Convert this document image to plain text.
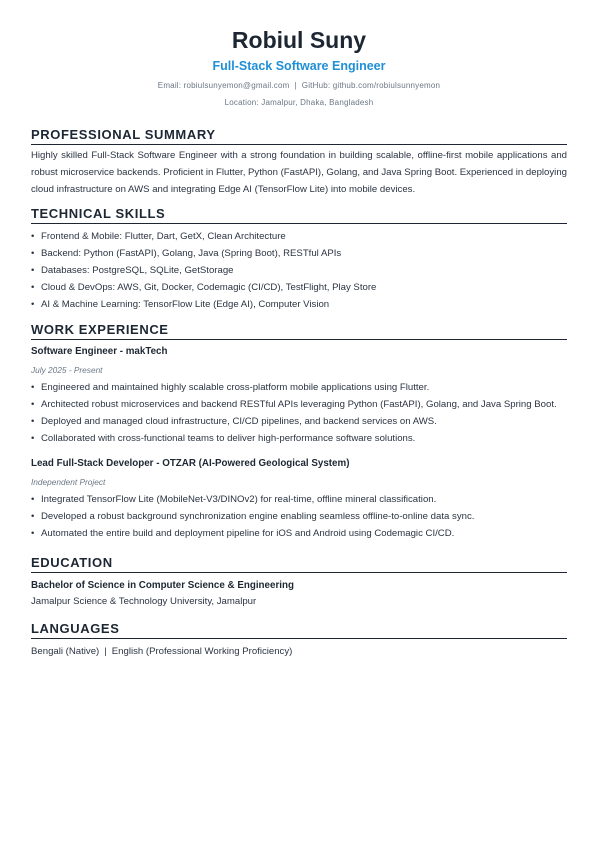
Robiul Suny
Full-Stack Software Engineer
Email: robiulsunyemon@gmail.com | GitHub: github.com/robiulsunnyemon
Location: Jamalpur, Dhaka, Bangladesh
PROFESSIONAL SUMMARY
Highly skilled Full-Stack Software Engineer with a strong foundation in building scalable, offline-first mobile applications and robust microservice backends. Proficient in Flutter, Python (FastAPI), Golang, and Java Spring Boot. Experienced in deploying cloud infrastructure on AWS and integrating Edge AI (TensorFlow Lite) into mobile devices.
TECHNICAL SKILLS
• Frontend & Mobile: Flutter, Dart, GetX, Clean Architecture
• Backend: Python (FastAPI), Golang, Java (Spring Boot), RESTful APIs
• Databases: PostgreSQL, SQLite, GetStorage
• Cloud & DevOps: AWS, Git, Docker, Codemagic (CI/CD), TestFlight, Play Store
• AI & Machine Learning: TensorFlow Lite (Edge AI), Computer Vision
WORK EXPERIENCE
Software Engineer - makTech
July 2025 - Present
• Engineered and maintained highly scalable cross-platform mobile applications using Flutter.
• Architected robust microservices and backend RESTful APIs leveraging Python (FastAPI), Golang, and Java Spring Boot.
• Deployed and managed cloud infrastructure, CI/CD pipelines, and backend services on AWS.
• Collaborated with cross-functional teams to deliver high-performance software solutions.
Lead Full-Stack Developer - OTZAR (AI-Powered Geological System)
Independent Project
• Integrated TensorFlow Lite (MobileNet-V3/DINOv2) for real-time, offline mineral classification.
• Developed a robust background synchronization engine enabling seamless offline-to-online data sync.
• Automated the entire build and deployment pipeline for iOS and Android using Codemagic CI/CD.
EDUCATION
Bachelor of Science in Computer Science & Engineering
Jamalpur Science & Technology University, Jamalpur
LANGUAGES
Bengali (Native) | English (Professional Working Proficiency)
